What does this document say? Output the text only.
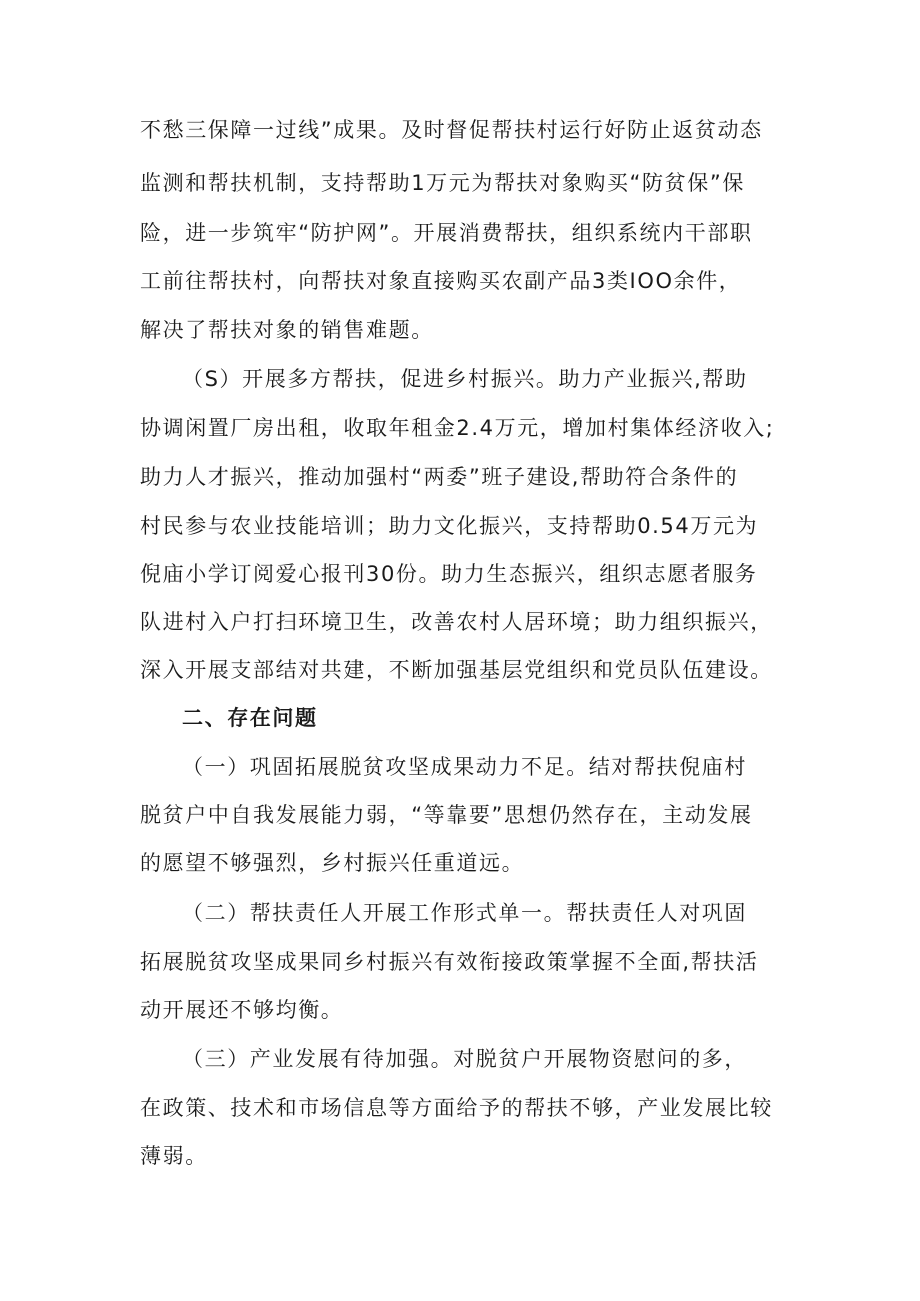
不愁三保障一过线”成果。及时督促帮扶村运行好防止返贫动态

监测和帮扶机制，支持帮助1万元为帮扶对象购买“防贫保”保

险，进一步筑牢“防护网”。开展消费帮扶，组织系统内干部职

工前往帮扶村，向帮扶对象直接购买农副产品3类IOO余件，

解决了帮扶对象的销售难题。

（S）开展多方帮扶，促进乡村振兴。助力产业振兴,帮助

协调闲置厂房出租，收取年租金2.4万元，增加村集体经济收入;

助力人才振兴，推动加强村“两委”班子建设,帮助符合条件的

村民参与农业技能培训；助力文化振兴，支持帮助0.54万元为

倪庙小学订阅爱心报刊30份。助力生态振兴，组织志愿者服务

队进村入户打扫环境卫生，改善农村人居环境；助力组织振兴，

深入开展支部结对共建，不断加强基层党组织和党员队伍建设。

二、存在问题

（一）巩固拓展脱贫攻坚成果动力不足。结对帮扶倪庙村

脱贫户中自我发展能力弱，“等靠要”思想仍然存在，主动发展

的愿望不够强烈，乡村振兴任重道远。

（二）帮扶责任人开展工作形式单一。帮扶责任人对巩固

拓展脱贫攻坚成果同乡村振兴有效衔接政策掌握不全面,帮扶活

动开展还不够均衡。

（三）产业发展有待加强。对脱贫户开展物资慰问的多，

在政策、技术和市场信息等方面给予的帮扶不够，产业发展比较

薄弱。
